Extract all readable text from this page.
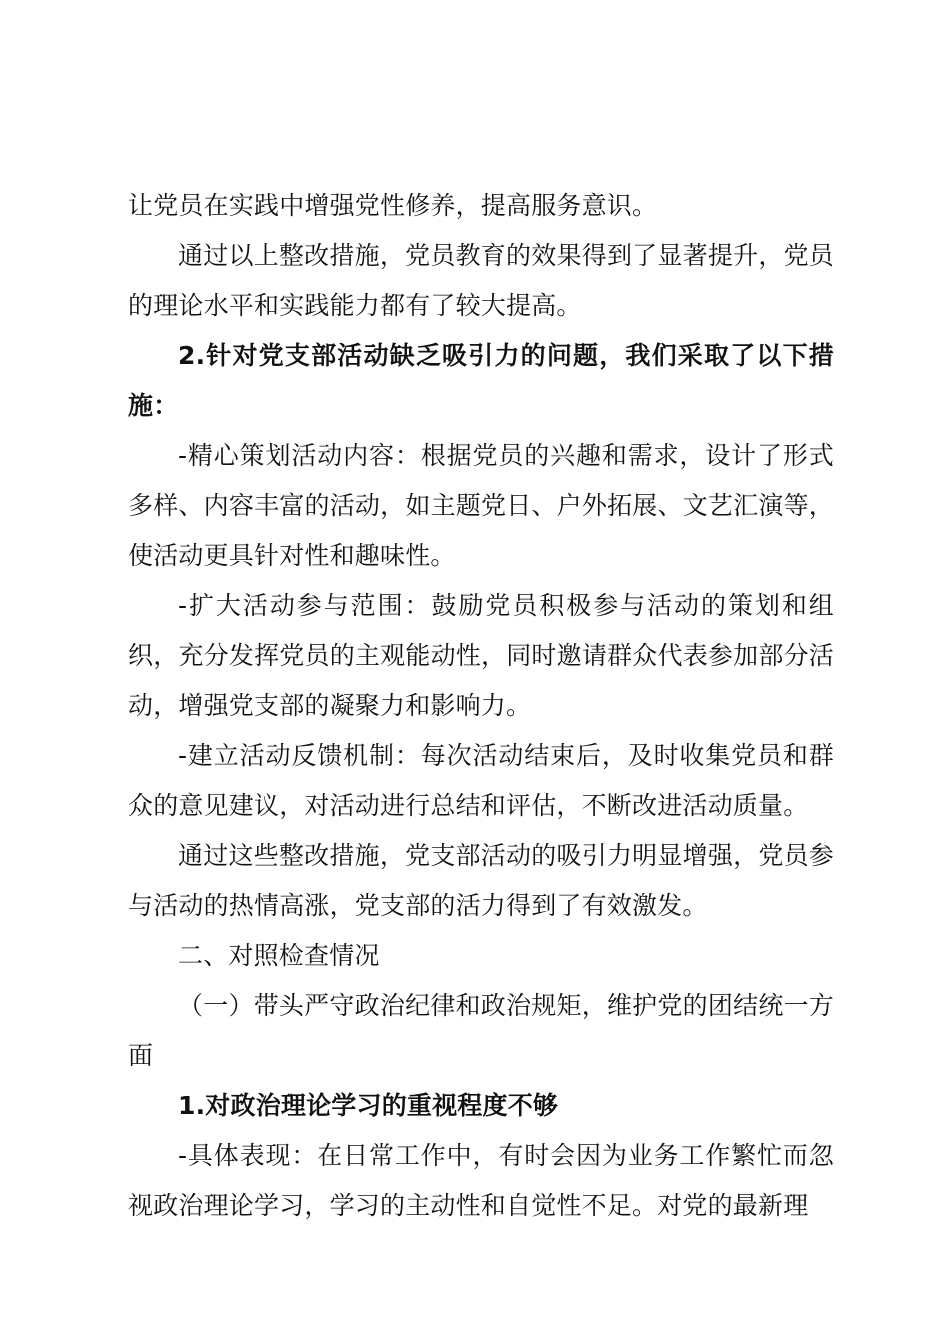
让党员在实践中增强党性修养，提高服务意识。

通过以上整改措施，党员教育的效果得到了显著提升，党员的理论水平和实践能力都有了较大提高。

2.针对党支部活动缺乏吸引力的问题，我们采取了以下措施：

-精心策划活动内容：根据党员的兴趣和需求，设计了形式多样、内容丰富的活动，如主题党日、户外拓展、文艺汇演等，使活动更具针对性和趣味性。

-扩大活动参与范围：鼓励党员积极参与活动的策划和组织，充分发挥党员的主观能动性，同时邀请群众代表参加部分活动，增强党支部的凝聚力和影响力。

-建立活动反馈机制：每次活动结束后，及时收集党员和群众的意见建议，对活动进行总结和评估，不断改进活动质量。

通过这些整改措施，党支部活动的吸引力明显增强，党员参与活动的热情高涨，党支部的活力得到了有效激发。

二、对照检查情况

（一）带头严守政治纪律和政治规矩，维护党的团结统一方面

1.对政治理论学习的重视程度不够

-具体表现：在日常工作中，有时会因为业务工作繁忙而忽视政治理论学习，学习的主动性和自觉性不足。对党的最新理
